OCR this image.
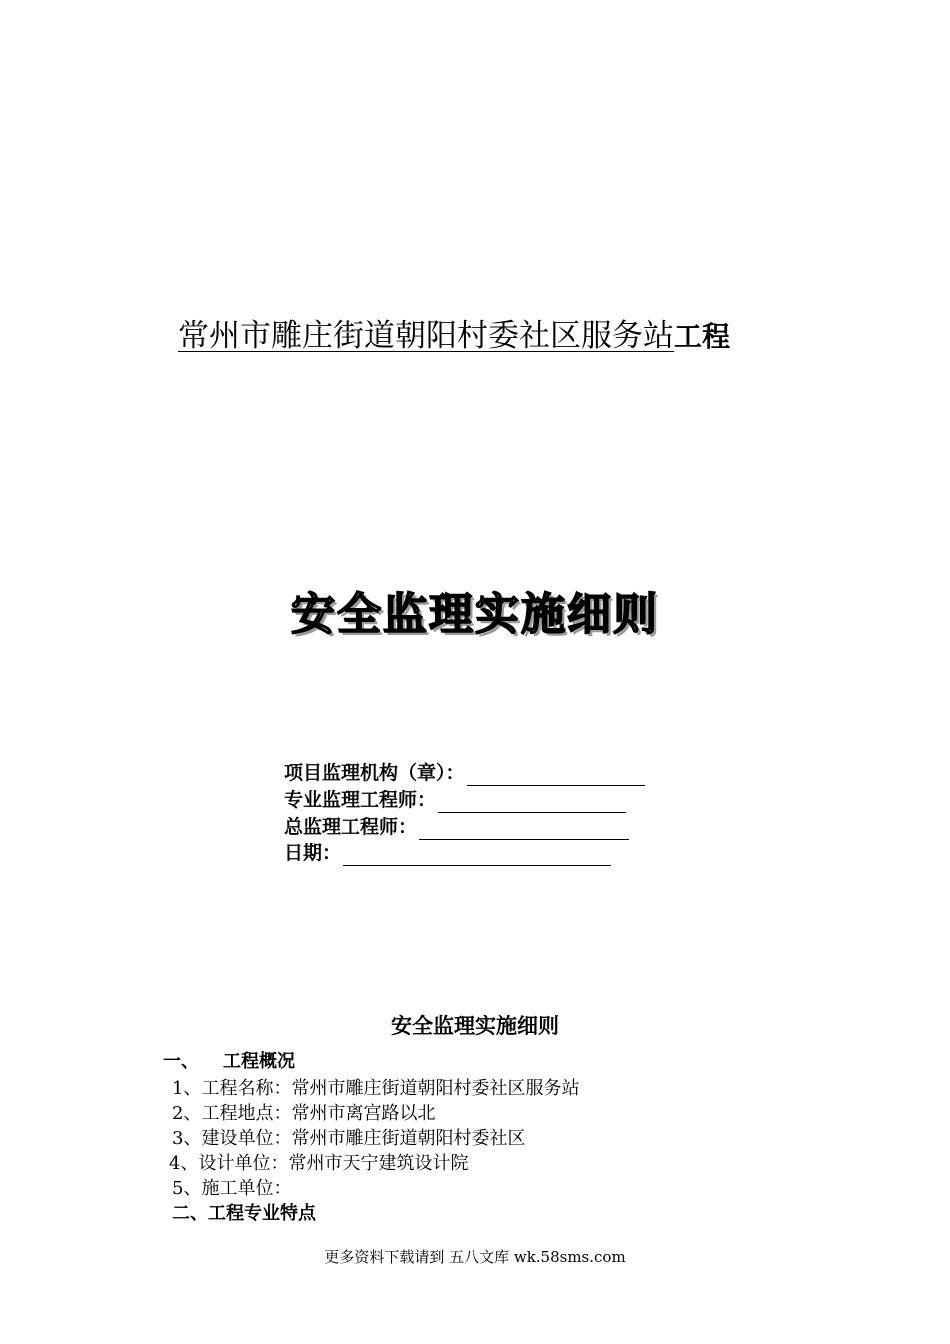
常州市雕庄街道朝阳村委社区服务站工程
安全监理实施细则
项目监理机构（章）：
专业监理工程师：
总监理工程师：
日期：
安全监理实施细则
一、 工程概况
1、工程名称：常州市雕庄街道朝阳村委社区服务站
2、工程地点：常州市离宫路以北
3、建设单位：常州市雕庄街道朝阳村委社区
4、设计单位：常州市天宁建筑设计院
5、施工单位：
二、工程专业特点
更多资料下载请到 五八文库 wk.58sms.com
